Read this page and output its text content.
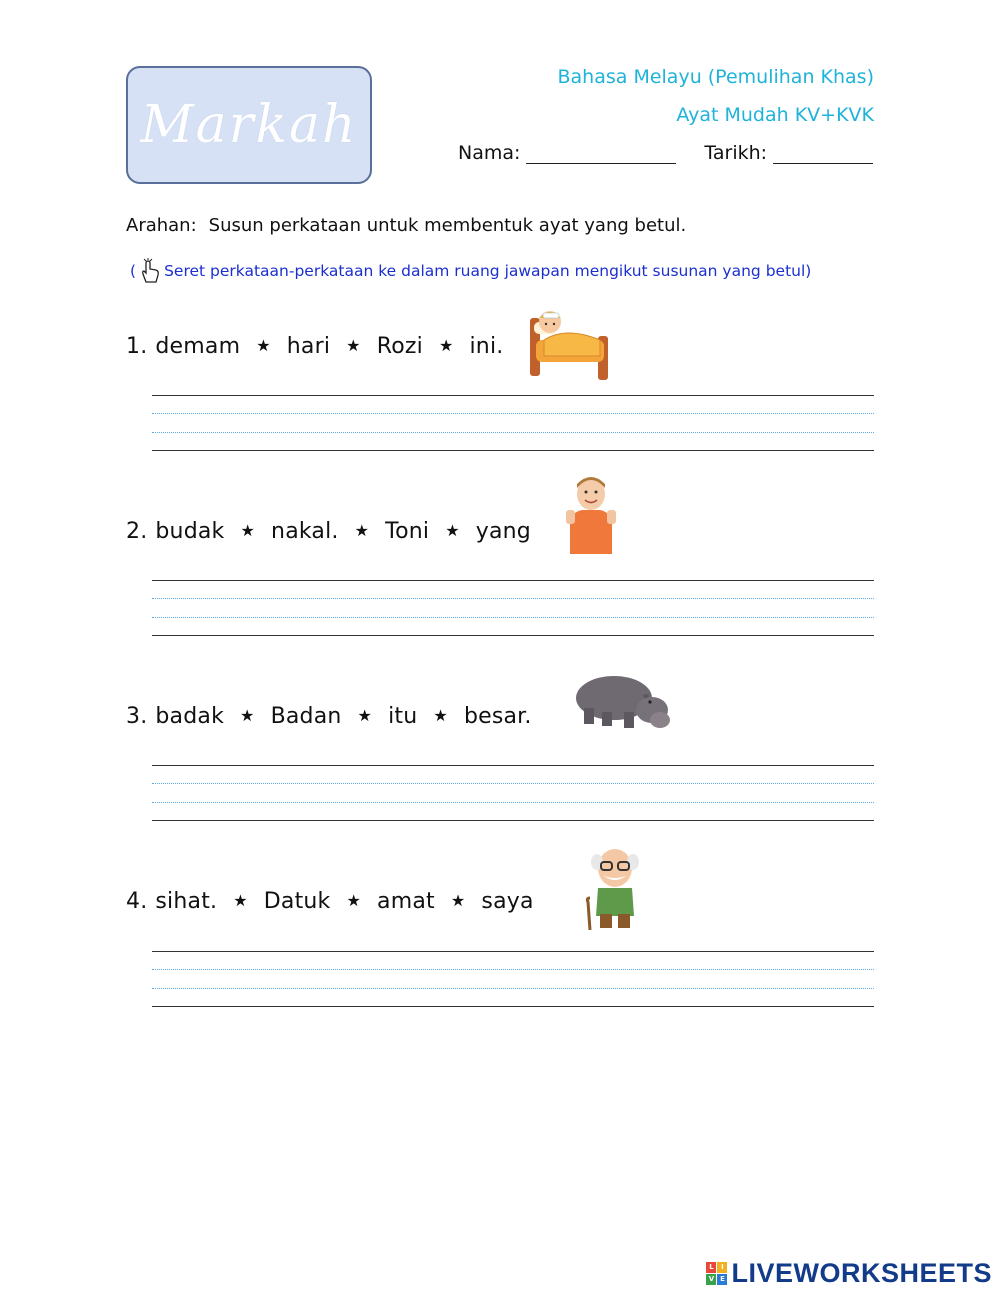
Markah
Bahasa Melayu (Pemulihan Khas)
Ayat Mudah KV+KVK
Nama:	Tarikh:
Arahan: Susun perkataan untuk membentuk ayat yang betul.
( Seret perkataan-perkataan ke dalam ruang jawapan mengikut susunan yang betul)
1. demam ★ hari ★ Rozi ★ ini.
2. budak ★ nakal. ★ Toni ★ yang
3. badak ★ Badan ★ itu ★ besar.
4. sihat. ★ Datuk ★ amat ★ saya
L	I
V E LIVEWORKSHEETS
